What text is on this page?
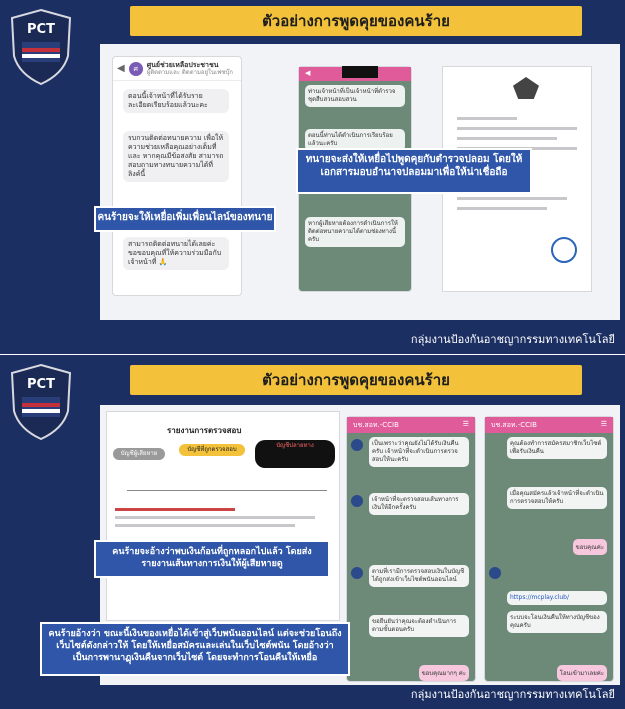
PCT	ตัวอย่างการพูดคุยของคนร้าย
กลุ่มงานป้องกันอาชญากรรมทางเทคโนโลยี
◀	ศ	ศูนย์ช่วยเหลือประชาชน
ผู้ติดตามและ ติดตามอยู่ในเฟซบุ๊ก
ตอนนี้เจ้าหน้าที่ได้รับรายละเอียดเรียบร้อยแล้วนะคะ
รบกวนติดต่อทนายความ เพื่อให้ความช่วยเหลือคุณอย่างเต็มที่ และ หากคุณมีข้อสงสัย สามารถสอบถามทางทนายความได้ที่ลิงค์นี้
สามารถติดต่อทนายได้เลยค่ะ ขอขอบคุณที่ให้ความร่วมมือกับเจ้าหน้าที่ 🙏
◀
ท่านเจ้าหน้าที่เป็นเจ้าหน้าที่ตำรวจชุดสืบสวนสอบสวน
ตอนนี้ท่านได้ดำเนินการเรียบร้อยแล้วนะครับ
หากผู้เสียหายต้องการดำเนินการให้ติดต่อทนายความได้ตามช่องทางนี้ครับ
ทนายจะส่งให้เหยื่อไปพูดคุยกับตำรวจปลอม โดยให้เอกสารมอบอำนาจปลอมมาเพื่อให้น่าเชื่อถือ
คนร้ายจะให้เหยื่อเพิ่มเพื่อนไลน์ของทนาย
PCT	ตัวอย่างการพูดคุยของคนร้าย
กลุ่มงานป้องกันอาชญากรรมทางเทคโนโลยี
รายงานการตรวจสอบ
บัญชีผู้เสียหาย
บัญชีที่ถูกตรวจสอบ
บัญชีปลายทาง
บช.สอท.-CCIB	☰
เป็นเพราะว่าคุณยังไม่ได้รับเงินคืนครับ เจ้าหน้าที่จะดำเนินการตรวจสอบให้นะครับ
เจ้าหน้าที่จะตรวจสอบเส้นทางการเงินให้อีกครั้งครับ
ตามที่เรามีการตรวจสอบเงินในบัญชี ได้ถูกส่งเข้าเว็บไซต์พนันออนไลน์
ขอยืนยันว่าคุณจะต้องดำเนินการตามขั้นตอนครับ
ขอบคุณมากๆ ค่ะ
บช.สอท.-CCIB	☰
คุณต้องทำการสมัครสมาชิกเว็บไซต์เพื่อรับเงินคืน
เมื่อคุณสมัครแล้วเจ้าหน้าที่จะดำเนินการตรวจสอบให้ครับ
ขอบคุณค่ะ
https://mcplay.club/
ระบบจะโอนเงินคืนให้ทางบัญชีของคุณครับ
โอนเข้ามาเลยค่ะ
คนร้ายจะอ้างว่าพบเงินก้อนที่ถูกหลอกไปแล้ว โดยส่งรายงานเส้นทางการเงินให้ผู้เสียหายดู
คนร้ายอ้างว่า ขณะนี้เงินของเหยื่อได้เข้าสู่เว็บพนันออนไลน์ แต่จะช่วยโอนถึงเว็บไซต์ดังกล่าวให้ โดยให้เหยื่อสมัครและเล่นในเว็บไซต์พนัน โดยอ้างว่า เป็นการพานาฏุเงินคืนจากเว็บไซต์ โดยจะทำการโอนคืนให้เหยื่อ
